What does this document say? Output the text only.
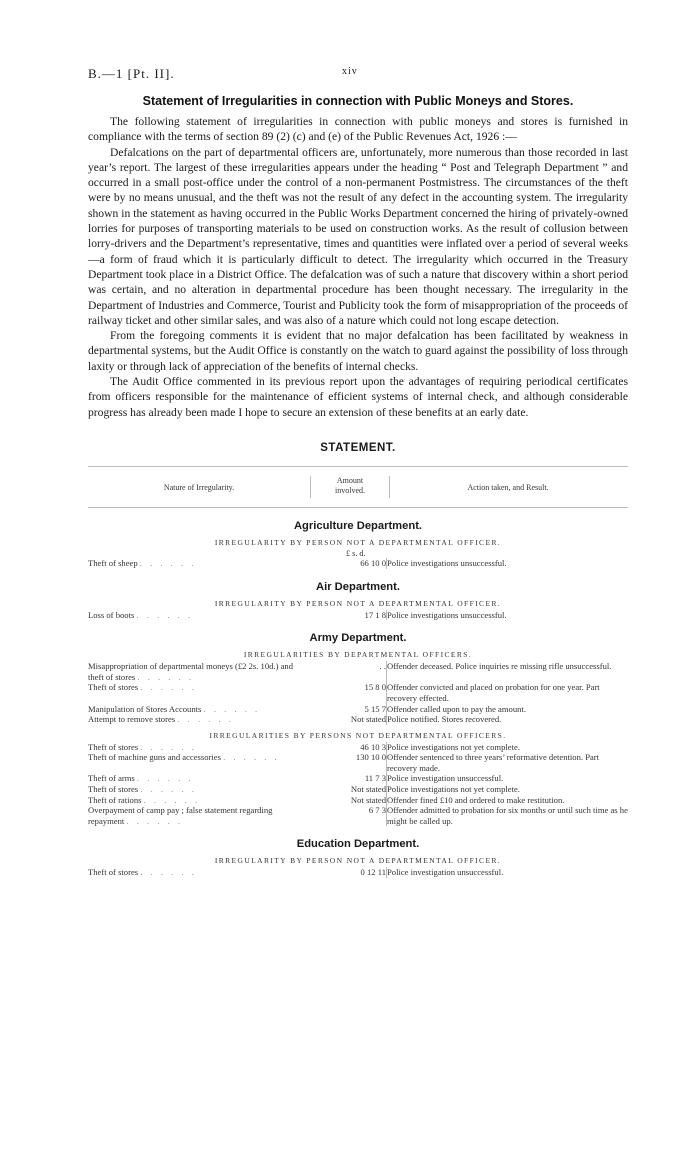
B.—1 [Pt. II].	xiv
Statement of Irregularities in connection with Public Moneys and Stores.

The following statement of irregularities in connection with public moneys and stores is furnished in compliance with the terms of section 89 (2) (c) and (e) of the Public Revenues Act, 1926 :—

Defalcations on the part of departmental officers are, unfortunately, more numerous than those recorded in last year’s report. The largest of these irregularities appears under the heading “ Post and Telegraph Department ” and occurred in a small post-office under the control of a non-permanent Postmistress. The circumstances of the theft were by no means unusual, and the theft was not the result of any defect in the accounting system. The irregularity shown in the statement as having occurred in the Public Works Department concerned the hiring of privately-owned lorries for purposes of transporting materials to be used on construction works. As the result of collusion between lorry-drivers and the Department’s representative, times and quantities were inflated over a period of several weeks—a form of fraud which it is particularly difficult to detect. The irregularity which occurred in the Treasury Department took place in a District Office. The defalcation was of such a nature that discovery within a short period was certain, and no alteration in departmental procedure has been thought necessary. The irregularity in the Department of Industries and Commerce, Tourist and Publicity took the form of misappropriation of the proceeds of railway ticket and other similar sales, and was also of a nature which could not long escape detection.

From the foregoing comments it is evident that no major defalcation has been facilitated by weakness in departmental systems, but the Audit Office is constantly on the watch to guard against the possibility of loss through laxity or through lack of appreciation of the benefits of internal checks.

The Audit Office commented in its previous report upon the advantages of requiring periodical certificates from officers responsible for the maintenance of efficient systems of internal check, and although considerable progress has already been made I hope to secure an extension of these benefits at an early date.

STATEMENT.
Nature of Irregularity.
Amount
involved.	Action taken, and Result.
Agriculture Department.
IRREGULARITY BY PERSON NOT A DEPARTMENTAL OFFICER.
£ s. d.
Theft of sheep . . . . . .	66 10 0	Police investigations unsuccessful.
Air Department.
IRREGULARITY BY PERSON NOT A DEPARTMENTAL OFFICER.
Loss of boots . . . . . .	17 1 8	Police investigations unsuccessful.
Army Department.
IRREGULARITIES BY DEPARTMENTAL OFFICERS.
Misappropriation of departmental moneys (£2 2s. 10d.) and theft of stores . . . . . .	. .	Offender deceased. Police inquiries re missing rifle unsuccessful.
Theft of stores . . . . . .	15 8 0	Offender convicted and placed on probation for one year. Part recovery effected.
Manipulation of Stores Accounts . . . . . .	5 15 7	Offender called upon to pay the amount.
Attempt to remove stores . . . . . .	Not stated	Police notified. Stores recovered.
IRREGULARITIES BY PERSONS NOT DEPARTMENTAL OFFICERS.
Theft of stores . . . . . .	46 10 3	Police investigations not yet complete.
Theft of machine guns and accessories . . . . . .	130 10 0	Offender sentenced to three years’ reformative detention. Part recovery made.
Theft of arms . . . . . .	11 7 3	Police investigation unsuccessful.
Theft of stores . . . . . .	Not stated	Police investigations not yet complete.
Theft of rations . . . . . .	Not stated	Offender fined £10 and ordered to make restitution.
Overpayment of camp pay ; false statement regarding repayment . . . . . .	6 7 3	Offender admitted to probation for six months or until such time as he might be called up.
Education Department.
IRREGULARITY BY PERSON NOT A DEPARTMENTAL OFFICER.
Theft of stores . . . . . .	0 12 11	Police investigation unsuccessful.
